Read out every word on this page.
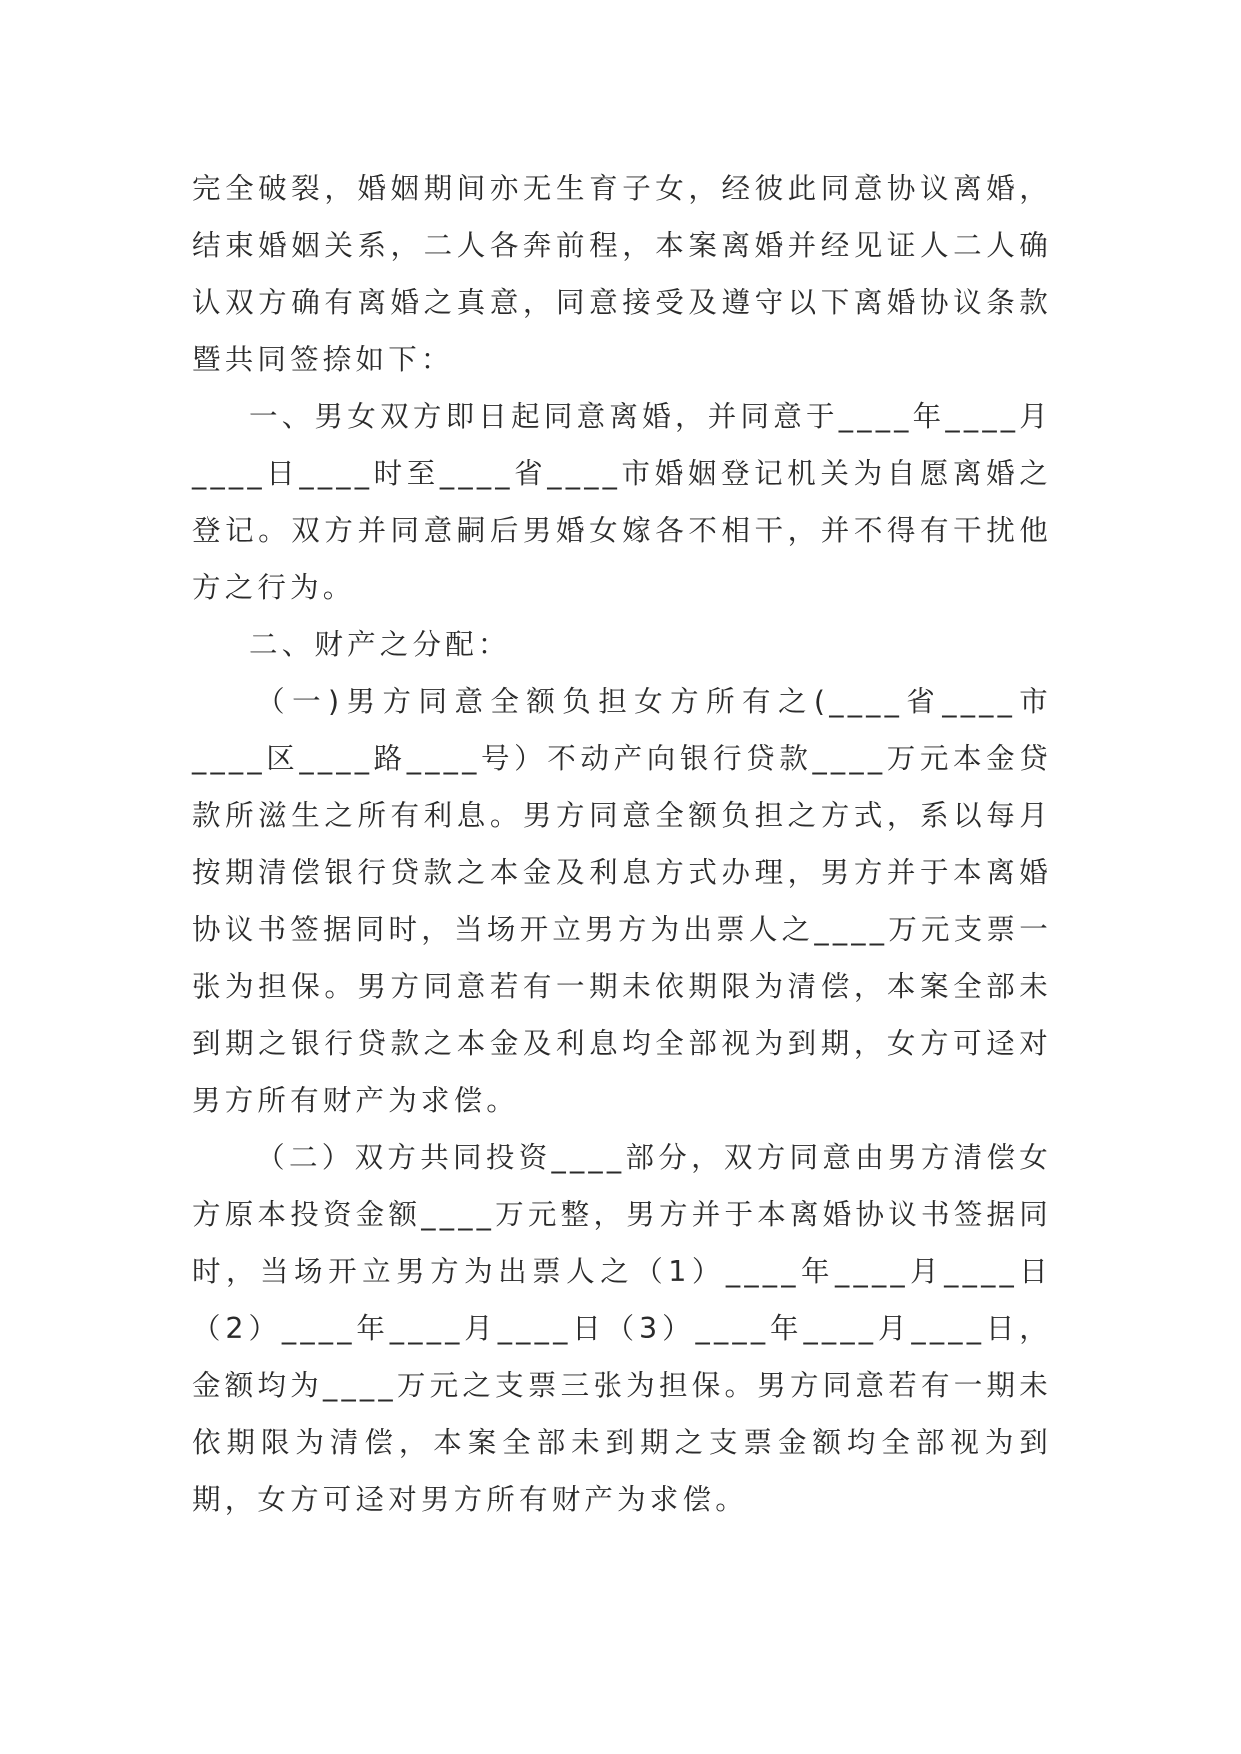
完全破裂，婚姻期间亦无生育子女，经彼此同意协议离婚，结束婚姻关系，二人各奔前程，本案离婚并经见证人二人确认双方确有离婚之真意，同意接受及遵守以下离婚协议条款暨共同签捺如下：

一、男女双方即日起同意离婚，并同意于____年____月____日____时至____省____市婚姻登记机关为自愿离婚之登记。双方并同意嗣后男婚女嫁各不相干，并不得有干扰他方之行为。

二、财产之分配：

（一)男方同意全额负担女方所有之(____省____市____区____路____号）不动产向银行贷款____万元本金贷款所滋生之所有利息。男方同意全额负担之方式，系以每月按期清偿银行贷款之本金及利息方式办理，男方并于本离婚协议书签据同时，当场开立男方为出票人之____万元支票一张为担保。男方同意若有一期未依期限为清偿，本案全部未到期之银行贷款之本金及利息均全部视为到期，女方可迳对男方所有财产为求偿。

（二）双方共同投资____部分，双方同意由男方清偿女方原本投资金额____万元整，男方并于本离婚协议书签据同时，当场开立男方为出票人之（1）____年____月____日（2）____年____月____日（3）____年____月____日，金额均为____万元之支票三张为担保。男方同意若有一期未依期限为清偿，本案全部未到期之支票金额均全部视为到期，女方可迳对男方所有财产为求偿。
